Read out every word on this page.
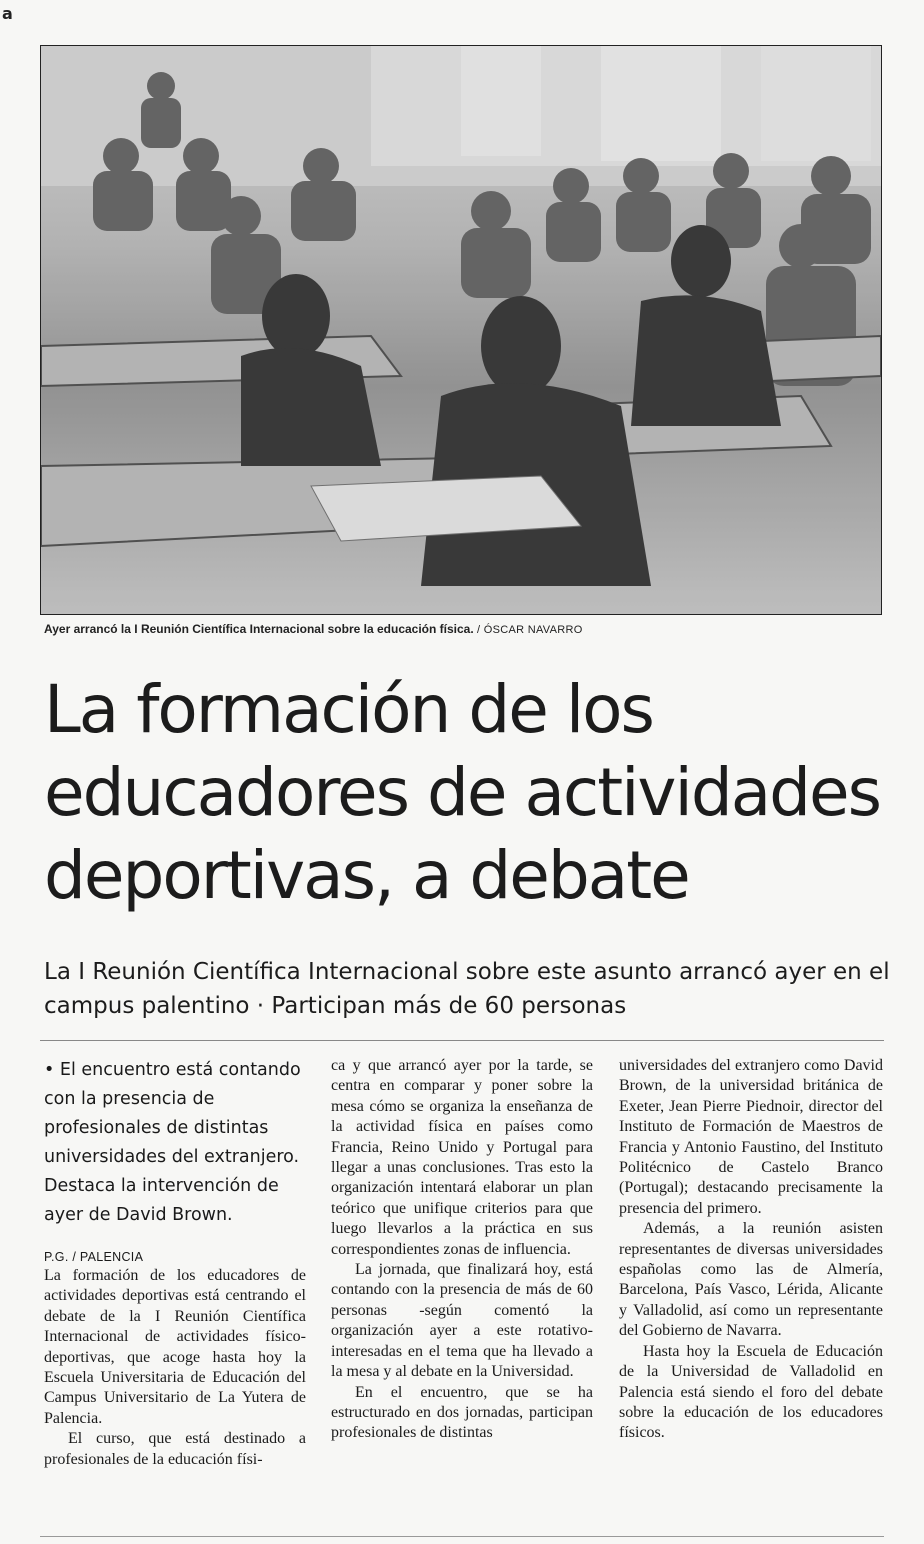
a
Ayer arrancó la I Reunión Científica Internacional sobre la educación física. / ÓSCAR NAVARRO
La formación de los educadores de actividades deportivas, a debate
La I Reunión Científica Internacional sobre este asunto arrancó ayer en el campus palentino · Participan más de 60 personas
• El encuentro está contando con la presencia de profesionales de distintas universidades del extranjero. Destaca la intervención de ayer de David Brown.
P.G. / PALENCIA

La formación de los educadores de actividades deportivas está centrando el debate de la I Reunión Científica Internacional de actividades físico-deportivas, que acoge hasta hoy la Escuela Universitaria de Educación del Campus Universitario de La Yutera de Palencia.

El curso, que está destinado a profesionales de la educación físi-

ca y que arrancó ayer por la tarde, se centra en comparar y poner sobre la mesa cómo se organiza la enseñanza de la actividad física en países como Francia, Reino Unido y Portugal para llegar a unas conclusiones. Tras esto la organización intentará elaborar un plan teórico que unifique criterios para que luego llevarlos a la práctica en sus correspondientes zonas de influencia.

La jornada, que finalizará hoy, está contando con la presencia de más de 60 personas -según comentó la organización ayer a este rotativo- interesadas en el tema que ha llevado a la mesa y al debate en la Universidad.

En el encuentro, que se ha estructurado en dos jornadas, participan profesionales de distintas

universidades del extranjero como David Brown, de la universidad británica de Exeter, Jean Pierre Piednoir, director del Instituto de Formación de Maestros de Francia y Antonio Faustino, del Instituto Politécnico de Castelo Branco (Portugal); destacando precisamente la presencia del primero.

Además, a la reunión asisten representantes de diversas universidades españolas como las de Almería, Barcelona, País Vasco, Lérida, Alicante y Valladolid, así como un representante del Gobierno de Navarra.

Hasta hoy la Escuela de Educación de la Universidad de Valladolid en Palencia está siendo el foro del debate sobre la educación de los educadores físicos.
